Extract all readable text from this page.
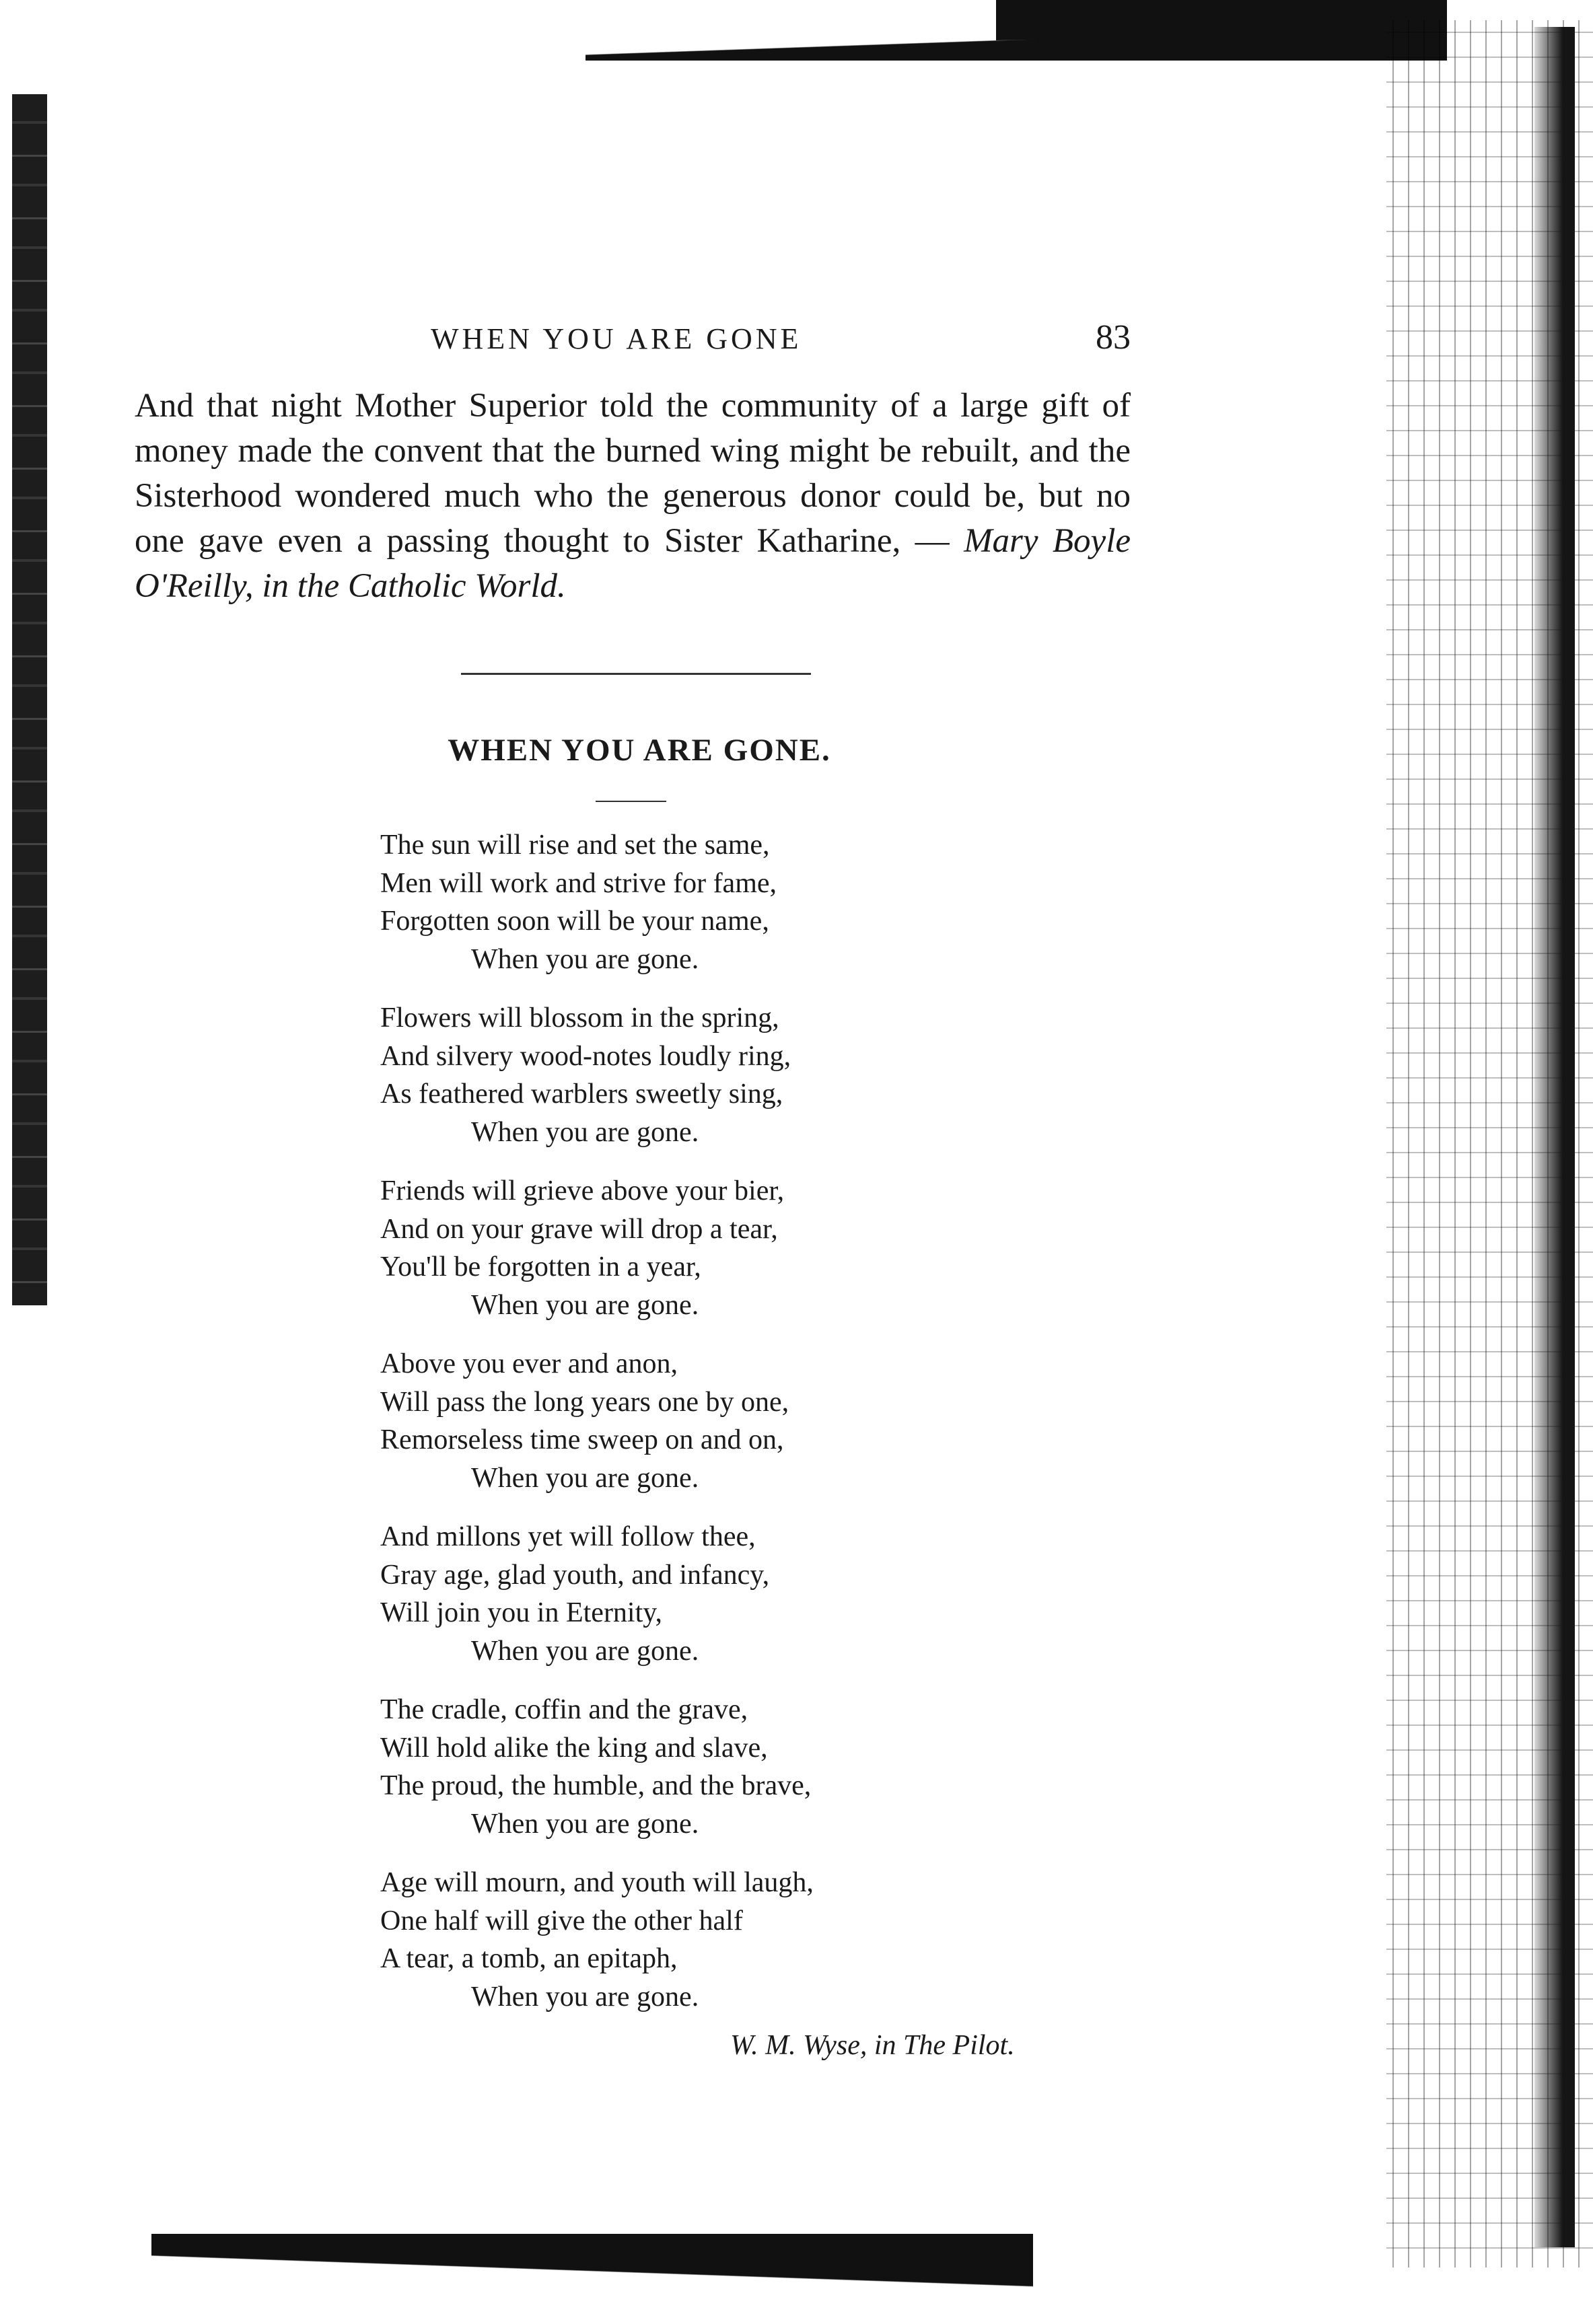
WHEN YOU ARE GONE	83

And that night Mother Superior told the community of a large gift of money made the convent that the burned wing might be rebuilt, and the Sisterhood wondered much who the generous donor could be, but no one gave even a passing thought to Sister Katharine, — Mary Boyle O'Reilly, in the Catholic World.

WHEN YOU ARE GONE.
The sun will rise and set the same,
Men will work and strive for fame,
Forgotten soon will be your name,
When you are gone.
Flowers will blossom in the spring,
And silvery wood-notes loudly ring,
As feathered warblers sweetly sing,
When you are gone.
Friends will grieve above your bier,
And on your grave will drop a tear,
You'll be forgotten in a year,
When you are gone.
Above you ever and anon,
Will pass the long years one by one,
Remorseless time sweep on and on,
When you are gone.
And millons yet will follow thee,
Gray age, glad youth, and infancy,
Will join you in Eternity,
When you are gone.
The cradle, coffin and the grave,
Will hold alike the king and slave,
The proud, the humble, and the brave,
When you are gone.
Age will mourn, and youth will laugh,
One half will give the other half
A tear, a tomb, an epitaph,
When you are gone.
W. M. Wyse, in The Pilot.
